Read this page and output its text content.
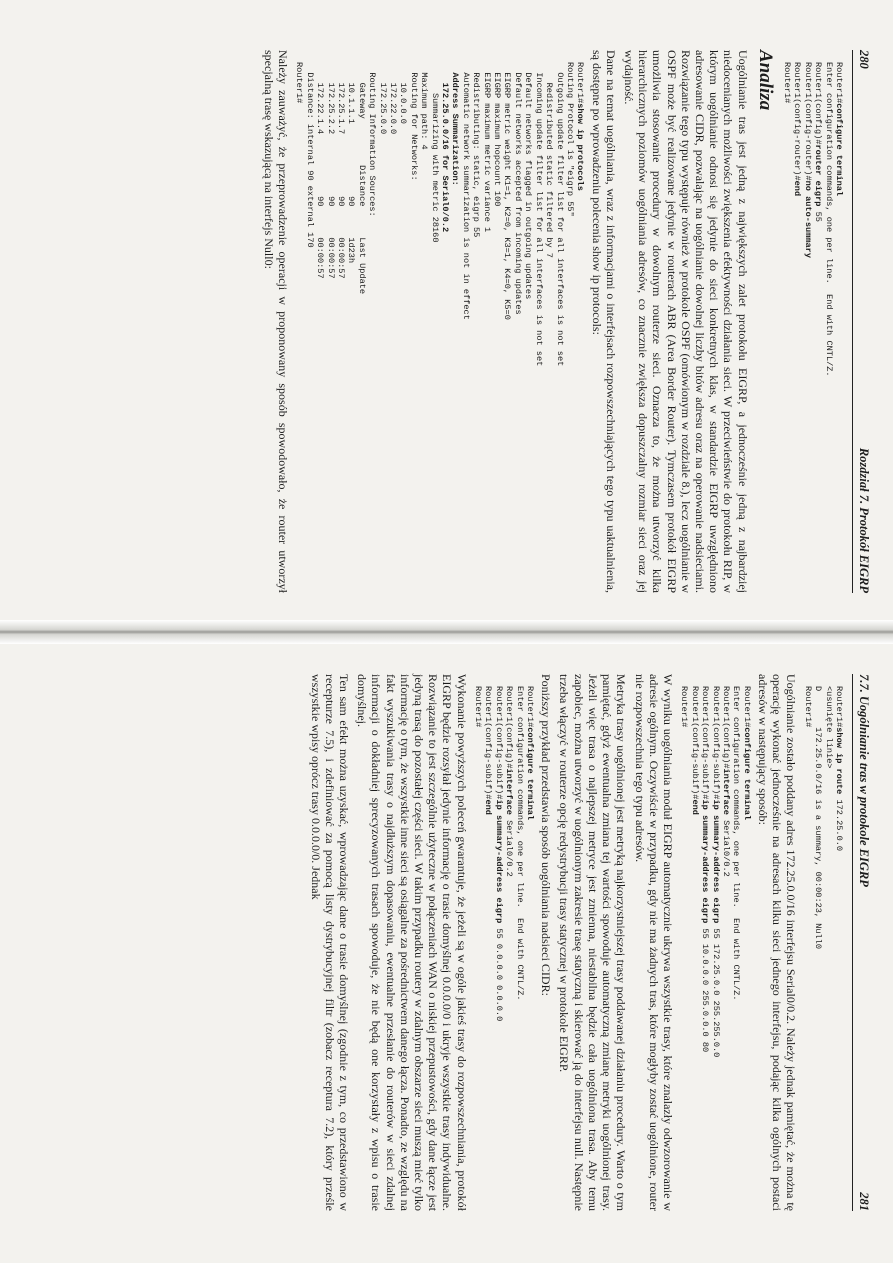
280
Rozdział 7. Protokół EIGRP
Router1#configure terminal
Enter configuration commands, one per line.  End with CNTL/Z.
Router1(config)#router eigrp 55
Router1(config-router)#no auto-summary
Router1(config-router)#end
Router1#
Analiza

Uogólnianie tras jest jedną z największych zalet protokołu EIGRP, a jednocześnie jedną z najbardziej niedocenianych możliwości zwiększenia efektywności działania sieci. W przeciwieństwie do protokołu RIP, w którym uogólnianie odnosi się jedynie do sieci konkretnych klas, w standardzie EIGRP uwzględniono adresowanie CIDR, pozwalając na uogólnianie dowolnej liczby bitów adresu oraz na operowanie nadsieciami. Rozwiązanie tego typu występuje również w protokole OSPF (omówionym w rozdziale 8.), lecz uogólnianie w OSPF może być realizowane jedynie w routerach ABR (Area Border Router). Tymczasem protokół EIGRP umożliwia stosowanie procedury w dowolnym routerze sieci. Oznacza to, że można utworzyć kilka hierarchicznych poziomów uogólniania adresów, co znacznie zwiększa dopuszczalny rozmiar sieci oraz jej wydajność.

Dane na temat uogólniania, wraz z informacjami o interfejsach rozpowszechniających tego typu uaktualnienia, są dostępne po wprowadzeniu polecenia show ip protocols:

Router1#show ip protocols
Routing Protocol is "eigrp 55"
Outgoing update filter list for all interfaces is not set
Redistributed static filtered by 7
Incoming update filter list for all interfaces is not set
Default networks flagged in outgoing updates
Default networks accepted from incoming updates
EIGRP metric weight K1=1, K2=0, K3=1, K4=0, K5=0
EIGRP maximum hopcount 100
EIGRP maximum metric variance 1
Redistributing: static, eigrp 55
Automatic network summarization is not in effect
Address Summarization:
172.25.0.0/16 for Serial0/0.2
Summarizing with metric 28160
Maximum path: 4
Routing for Networks:
10.0.0.0
172.22.0.0
172.25.0.0
Routing Information Sources:
Gateway         Distance      Last Update
10.1.1.1              90      1d23h
172.25.1.7            90      00:00:57
172.25.2.2            90      00:00:57
172.22.1.4            90      00:00:57
Distance: internal 90 external 170
Router1#

Należy zauważyć, że przeprowadzenie operacji w proponowany sposób spowodowało, że router utworzył specjalną trasę wskazującą na interfejs Null0:

7.7. Uogólnianie tras w protokole EIGRP
281
Router1#show ip route 172.25.0.0
<usunięte linie>
D       172.25.0.0/16 is a summary, 00:00:23, Null0
Router1#

Uogólnianie zostało poddany adres 172.25.0.0/16 interfejsu Serial0/0.2. Należy jednak pamiętać, że można tę operację wykonać jednocześnie na adresach kilku sieci jednego interfejsu, podając kilka ogólnych postaci adresów w następujący sposób:

Router1#configure terminal
Enter configuration commands, one per line.  End with CNTL/Z.
Router1(config)#interface Serial0/0.2
Router1(config-subif)#ip summary-address eigrp 55 172.25.0.0 255.255.0.0
Router1(config-subif)#ip summary-address eigrp 55 10.0.0.0 255.0.0.0 80
Router1(config-subif)#end
Router1#

W wyniku uogólniania moduł EIGRP automatycznie ukrywa wszystkie trasy, które znalazły odwzorowanie w adresie ogólnym. Oczywiście w przypadku, gdy nie ma żadnych tras, które mogłyby zostać uogólnione, router nie rozpowszechnia tego typu adresów.

Metryka trasy uogólnionej jest metryką najkorzystniejszej trasy poddawanej działaniu procedury. Warto o tym pamiętać, gdyż ewentualna zmiana tej wartości spowoduje automatyczną zmianę metryki uogólnionej trasy. Jeżeli więc trasa o najlepszej metryce jest zmienna, niestabilna będzie cała uogólniona trasa. Aby temu zapobiec, można utworzyć w uogólnionym zakresie trasę statyczną i skierować ją do interfejsu null. Następnie trzeba włączyć w routerze opcję redystrybucji trasy statycznej w protokole EIGRP.

Poniższy przykład przedstawia sposób uogólniania nadsieci CIDR:

Router1#configure terminal
Enter configuration commands, one per line.  End with CNTL/Z.
Router1(config)#interface Serial0/0.2
Router1(config-subif)#ip summary-address eigrp 55 0.0.0.0 0.0.0.0
Router1(config-subif)#end
Router1#

Wykonanie powyższych poleceń gwarantuje, że jeżeli są w ogóle jakieś trasy do rozpowszechniania, protokół EIGRP będzie rozsyłał jedynie informację o trasie domyślnej 0.0.0.0/0 i ukryje wszystkie trasy indywidualne. Rozwiązanie to jest szczególnie użyteczne w połączeniach WAN o niskiej przepustowości, gdy dane łącze jest jedyną trasą do pozostałej części sieci. W takim przypadku routery w zdalnym obszarze sieci muszą mieć tylko informację o tym, że wszystkie inne sieci są osiągalne za pośrednictwem danego łącza. Ponadto, ze względu na fakt wyszukiwania trasy o najdłuższym dopasowaniu, ewentualne przesłanie do routerów w sieci zdalnej informacji o dokładniej sprecyzowanych trasach spowoduje, że nie będą one korzystały z wpisu o trasie domyślnej.

Ten sam efekt można uzyskać, wprowadzając dane o trasie domyślnej (zgodnie z tym, co przedstawiono w recepturze 7.5), i zdefiniować za pomocą listy dystrybucyjnej filtr (zobacz receptura 7.2), który prześle wszystkie wpisy oprócz trasy 0.0.0.0/0. Jednak
